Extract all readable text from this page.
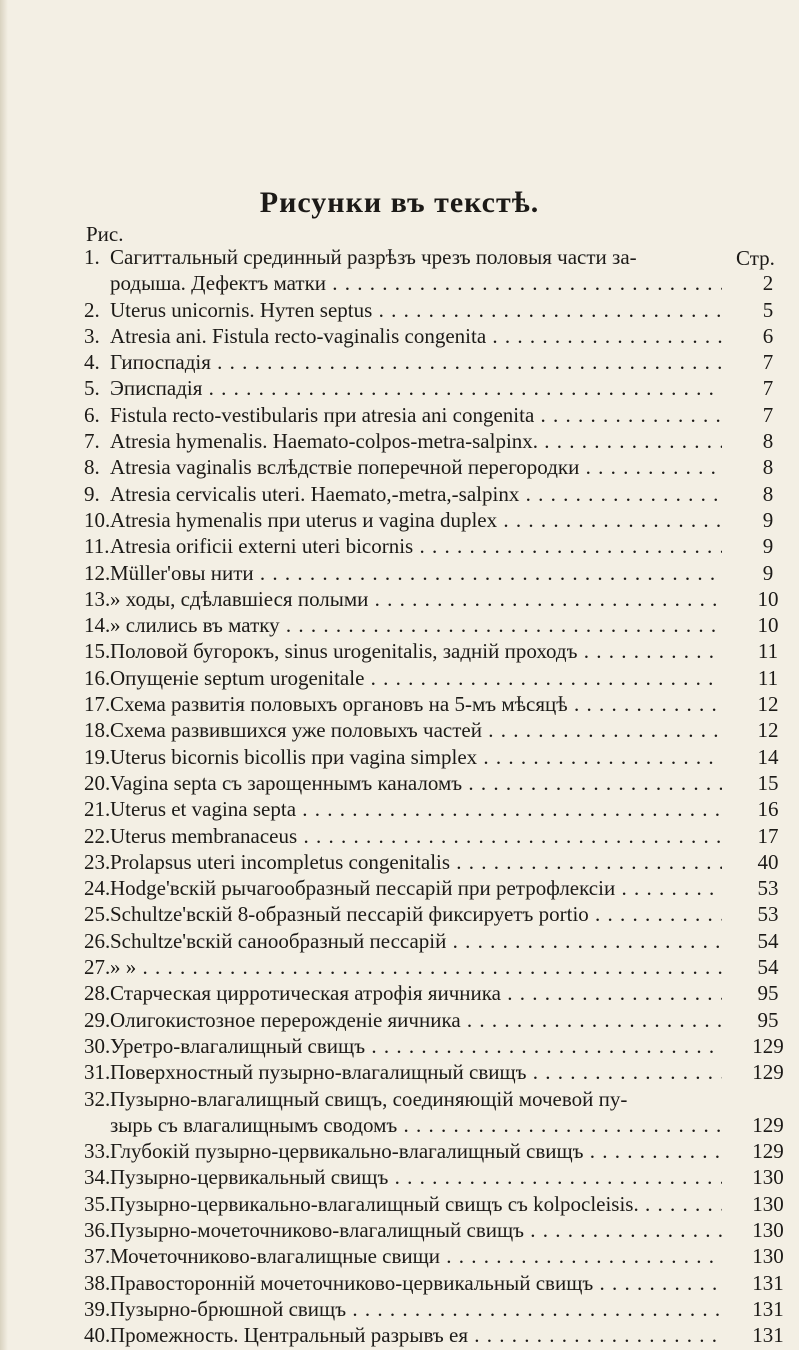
Рисунки въ текстѣ.
Рис.
Стр.
1. Сагиттальный срединный разрѣзъ чрезъ половыя части за-
родыша. Дефектъ матки . . .	2
2. Uterus unicornis. Нутеn septus . . .	5
3. Atresia ani. Fistula recto-vaginalis congenita . . .	6
4. Гипоспадія . . .	7
5. Эписпадія . . .	7
6. Fistula recto-vestibularis при atresia ani congenita . . .	7
7. Atresia hymenalis. Haemato-colpos-metra-salpinx. . . .	8
8. Atresia vaginalis вслѣдствіе поперечной перегородки . . .	8
9. Atresia cervicalis uteri. Haemato,-metra,-salpinx . . .	8
10. Atresia hymenalis при uterus и vagina duplex . . .	9
11. Atresia orificii externi uteri bicornis . . .	9
12. Müller'овы нити . . .	9
13. » ходы, сдѣлавшіеся полыми . . .	10
14. » слились въ матку . . .	10
15. Половой бугорокъ, sinus urogenitalis, задній проходъ . . .	11
16. Опущеніе septum urogenitale . . .	11
17. Схема развитія половыхъ органовъ на 5-мъ мѣсяцѣ . . .	12
18. Схема развившихся уже половыхъ частей . . .	12
19. Uterus bicornis bicollis при vagina simplex . . .	14
20. Vagina septa съ зарощеннымъ каналомъ . . .	15
21. Uterus et vagina septa . . .	16
22. Uterus membranaceus . . .	17
23. Prolapsus uteri incompletus congenitalis . . .	40
24. Hodge'вскій рычагообразный пессарій при ретрофлексіи . . .	53
25. Schultze'вскій 8-образный пессарій фиксируетъ portio . . .	53
26. Schultze'вскій санообразный пессарій . . .	54
27. » » . . .	54
28. Старческая цирротическая атрофія яичника . . .	95
29. Олигокистозное перерожденіе яичника . . .	95
30. Уретро-влагалищный свищъ . . .	129
31. Поверхностный пузырно-влагалищный свищъ . . .	129
32. Пузырно-влагалищный свищъ, соединяющій мочевой пу-
зырь съ влагалищнымъ сводомъ . . .	129
33. Глубокій пузырно-цервикально-влагалищный свищъ . . .	129
34. Пузырно-цервикальный свищъ . . .	130
35. Пузырно-цервикально-влагалищный свищъ съ kolpocleisis. . . .	130
36. Пузырно-мочеточниково-влагалищный свищъ . . .	130
37. Мочеточниково-влагалищные свищи . . .	130
38. Правосторонній мочеточниково-цервикальный свищъ . . .	131
39. Пузырно-брюшной свищъ . . .	131
40. Промежность. Центральный разрывъ ея . . .	131
